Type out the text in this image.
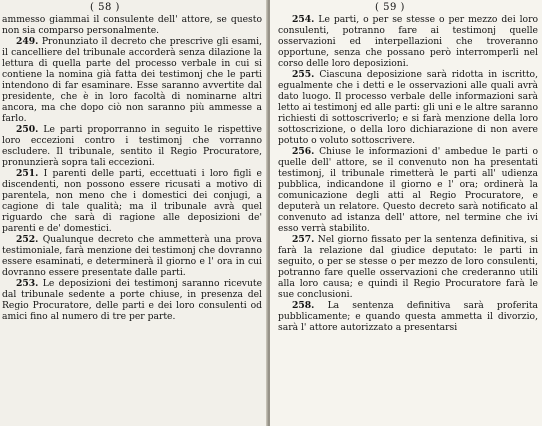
( 58 )

ammesso giammai il consulente dell' attore, se questo non sia comparso personalmente.

249. Pronunziato il decreto che prescrive gli esami, il cancelliere del tribunale accorderà senza dilazione la lettura di quella parte del processo verbale in cui si contiene la nomina già fatta dei testimonj che le parti intendono di far esaminare. Esse saranno avvertite dal presidente, che è in loro facoltà di nominarne altri ancora, ma che dopo ciò non saranno più ammesse a farlo.

250. Le parti proporranno in seguito le rispettive loro eccezioni contro i testimonj che vorranno escludere. Il tribunale, sentito il Regio Procuratore, pronunzierà sopra tali eccezioni.

251. I parenti delle parti, eccettuati i loro figli e discendenti, non possono essere ricusati a motivo di parentela, non meno che i domestici dei conjugi, a cagione di tale qualità; ma il tribunale avrà quel riguardo che sarà di ragione alle deposizioni de' parenti e de' domestici.

252. Qualunque decreto che ammetterà una prova testimoniale, farà menzione dei testimonj che dovranno essere esaminati, e determinerà il giorno e l' ora in cui dovranno essere presentate dalle parti.

253. Le deposizioni dei testimonj saranno ricevute dal tribunale sedente a porte chiuse, in presenza del Regio Procuratore, delle parti e dei loro consulenti od amici fino al numero di tre per parte.

( 59 )

254. Le parti, o per se stesse o per mezzo dei loro consulenti, potranno fare ai testimonj quelle osservazioni ed interpellazioni che troveranno opportune, senza che possano però interromperli nel corso delle loro deposizioni.

255. Ciascuna deposizione sarà ridotta in iscritto, egualmente che i detti e le osservazioni alle quali avrà dato luogo. Il processo verbale delle informazioni sarà letto ai testimonj ed alle parti: gli uni e le altre saranno richiesti di sottoscriverlo; e si farà menzione della loro sottoscrizione, o della loro dichiarazione di non avere potuto o voluto sottoscrivere.

256. Chiuse le informazioni d' ambedue le parti o quelle dell' attore, se il convenuto non ha presentati testimonj, il tribunale rimetterà le parti all' udienza pubblica, indicandone il giorno e l' ora; ordinerà la comunicazione degli atti al Regio Procuratore, e deputerà un relatore. Questo decreto sarà notificato al convenuto ad istanza dell' attore, nel termine che ivi esso verrà stabilito.

257. Nel giorno fissato per la sentenza definitiva, si farà la relazione dal giudice deputato: le parti in seguito, o per se stesse o per mezzo de loro consulenti, potranno fare quelle osservazioni che crederanno utili alla loro causa; e quindi il Regio Procuratore farà le sue conclusioni.

258. La sentenza definitiva sarà proferita pubblicamente; e quando questa ammetta il divorzio, sarà l' attore autorizzato a presentarsi
